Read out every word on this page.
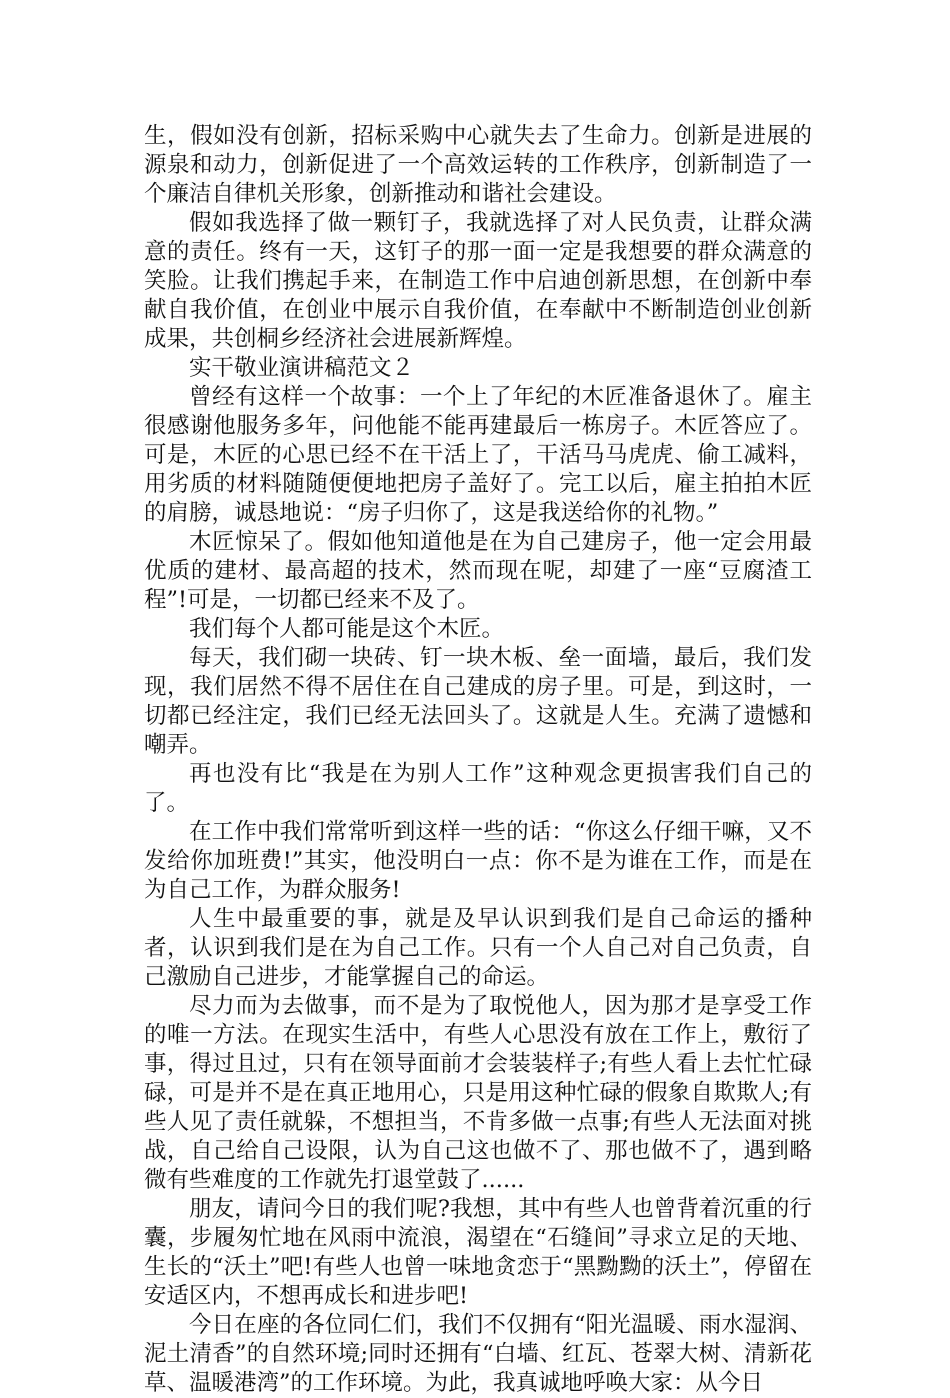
生，假如没有创新，招标采购中心就失去了生命力。创新是进展的源泉和动力，创新促进了一个高效运转的工作秩序，创新制造了一个廉洁自律机关形象，创新推动和谐社会建设。

假如我选择了做一颗钉子，我就选择了对人民负责，让群众满意的责任。终有一天，这钉子的那一面一定是我想要的群众满意的笑脸。让我们携起手来，在制造工作中启迪创新思想，在创新中奉献自我价值，在创业中展示自我价值，在奉献中不断制造创业创新成果，共创桐乡经济社会进展新辉煌。

实干敬业演讲稿范文２

曾经有这样一个故事：一个上了年纪的木匠准备退休了。雇主很感谢他服务多年，问他能不能再建最后一栋房子。木匠答应了。可是，木匠的心思已经不在干活上了，干活马马虎虎、偷工减料，用劣质的材料随随便便地把房子盖好了。完工以后，雇主拍拍木匠的肩膀，诚恳地说：“房子归你了，这是我送给你的礼物。”

木匠惊呆了。假如他知道他是在为自己建房子，他一定会用最优质的建材、最高超的技术，然而现在呢，却建了一座“豆腐渣工程”!可是，一切都已经来不及了。

我们每个人都可能是这个木匠。

每天，我们砌一块砖、钉一块木板、垒一面墙，最后，我们发现，我们居然不得不居住在自己建成的房子里。可是，到这时，一切都已经注定，我们已经无法回头了。这就是人生。充满了遗憾和嘲弄。

再也没有比“我是在为别人工作”这种观念更损害我们自己的了。

在工作中我们常常听到这样一些的话：“你这么仔细干嘛，又不发给你加班费!”其实，他没明白一点：你不是为谁在工作，而是在为自己工作，为群众服务!

人生中最重要的事，就是及早认识到我们是自己命运的播种者，认识到我们是在为自己工作。只有一个人自己对自己负责，自己激励自己进步，才能掌握自己的命运。

尽力而为去做事，而不是为了取悦他人，因为那才是享受工作的唯一方法。在现实生活中，有些人心思没有放在工作上，敷衍了事，得过且过，只有在领导面前才会装装样子;有些人看上去忙忙碌碌，可是并不是在真正地用心，只是用这种忙碌的假象自欺欺人;有些人见了责任就躲，不想担当，不肯多做一点事;有些人无法面对挑战，自己给自己设限，认为自己这也做不了、那也做不了，遇到略微有些难度的工作就先打退堂鼓了......

朋友，请问今日的我们呢?我想，其中有些人也曾背着沉重的行囊，步履匆忙地在风雨中流浪，渴望在“石缝间”寻求立足的天地、生长的“沃土”吧!有些人也曾一味地贪恋于“黑黝黝的沃土”，停留在安适区内，不想再成长和进步吧!

今日在座的各位同仁们，我们不仅拥有“阳光温暖、雨水湿润、泥土清香”的自然环境;同时还拥有“白墙、红瓦、苍翠大树、清新花草、温暖港湾”的工作环境。为此，我真诚地呼唤大家：从今日
